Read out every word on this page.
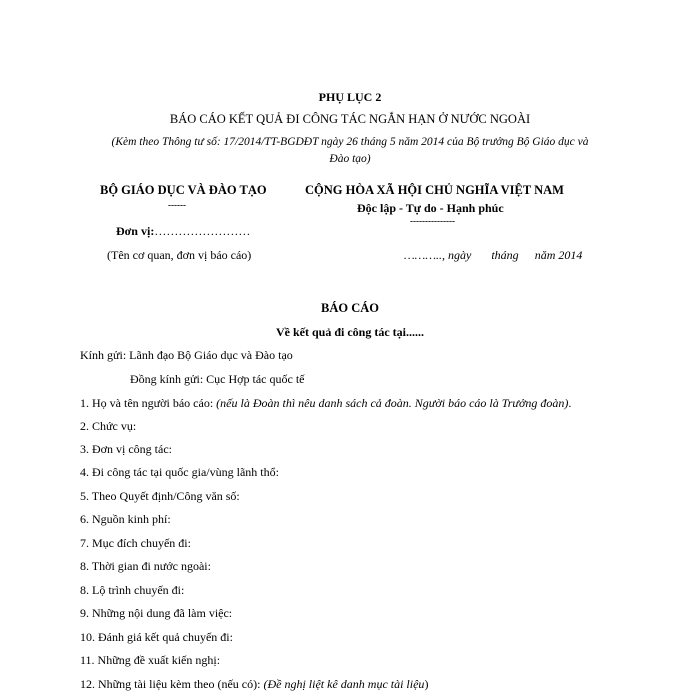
PHỤ LỤC 2
BÁO CÁO KẾT QUẢ ĐI CÔNG TÁC NGẮN HẠN Ở NƯỚC NGOÀI
(Kèm theo Thông tư số: 17/2014/TT-BGDĐT ngày 26 tháng 5 năm 2014 của Bộ trưởng Bộ Giáo dục và
Đào tạo)
BỘ GIÁO DỤC VÀ ĐÀO TẠO
------
Đơn vị:……………………
(Tên cơ quan, đơn vị báo cáo)
CỘNG HÒA XÃ HỘI CHỦ NGHĨA VIỆT NAM
Độc lập - Tự do - Hạnh phúc
---------------
……….., ngày tháng năm 2014
BÁO CÁO
Về kết quả đi công tác tại......
Kính gửi: Lãnh đạo Bộ Giáo dục và Đào tạo
Đồng kính gửi: Cục Hợp tác quốc tế
1. Họ và tên người báo cáo: (nếu là Đoàn thì nêu danh sách cả đoàn. Người báo cáo là Trưởng đoàn).
2. Chức vụ:
3. Đơn vị công tác:
4. Đi công tác tại quốc gia/vùng lãnh thổ:
5. Theo Quyết định/Công văn số:
6. Nguồn kinh phí:
7. Mục đích chuyến đi:
8. Thời gian đi nước ngoài:
8. Lộ trình chuyến đi:
9. Những nội dung đã làm việc:
10. Đánh giá kết quả chuyến đi:
11. Những đề xuất kiến nghị:
12. Những tài liệu kèm theo (nếu có): (Đề nghị liệt kê danh mục tài liệu)
